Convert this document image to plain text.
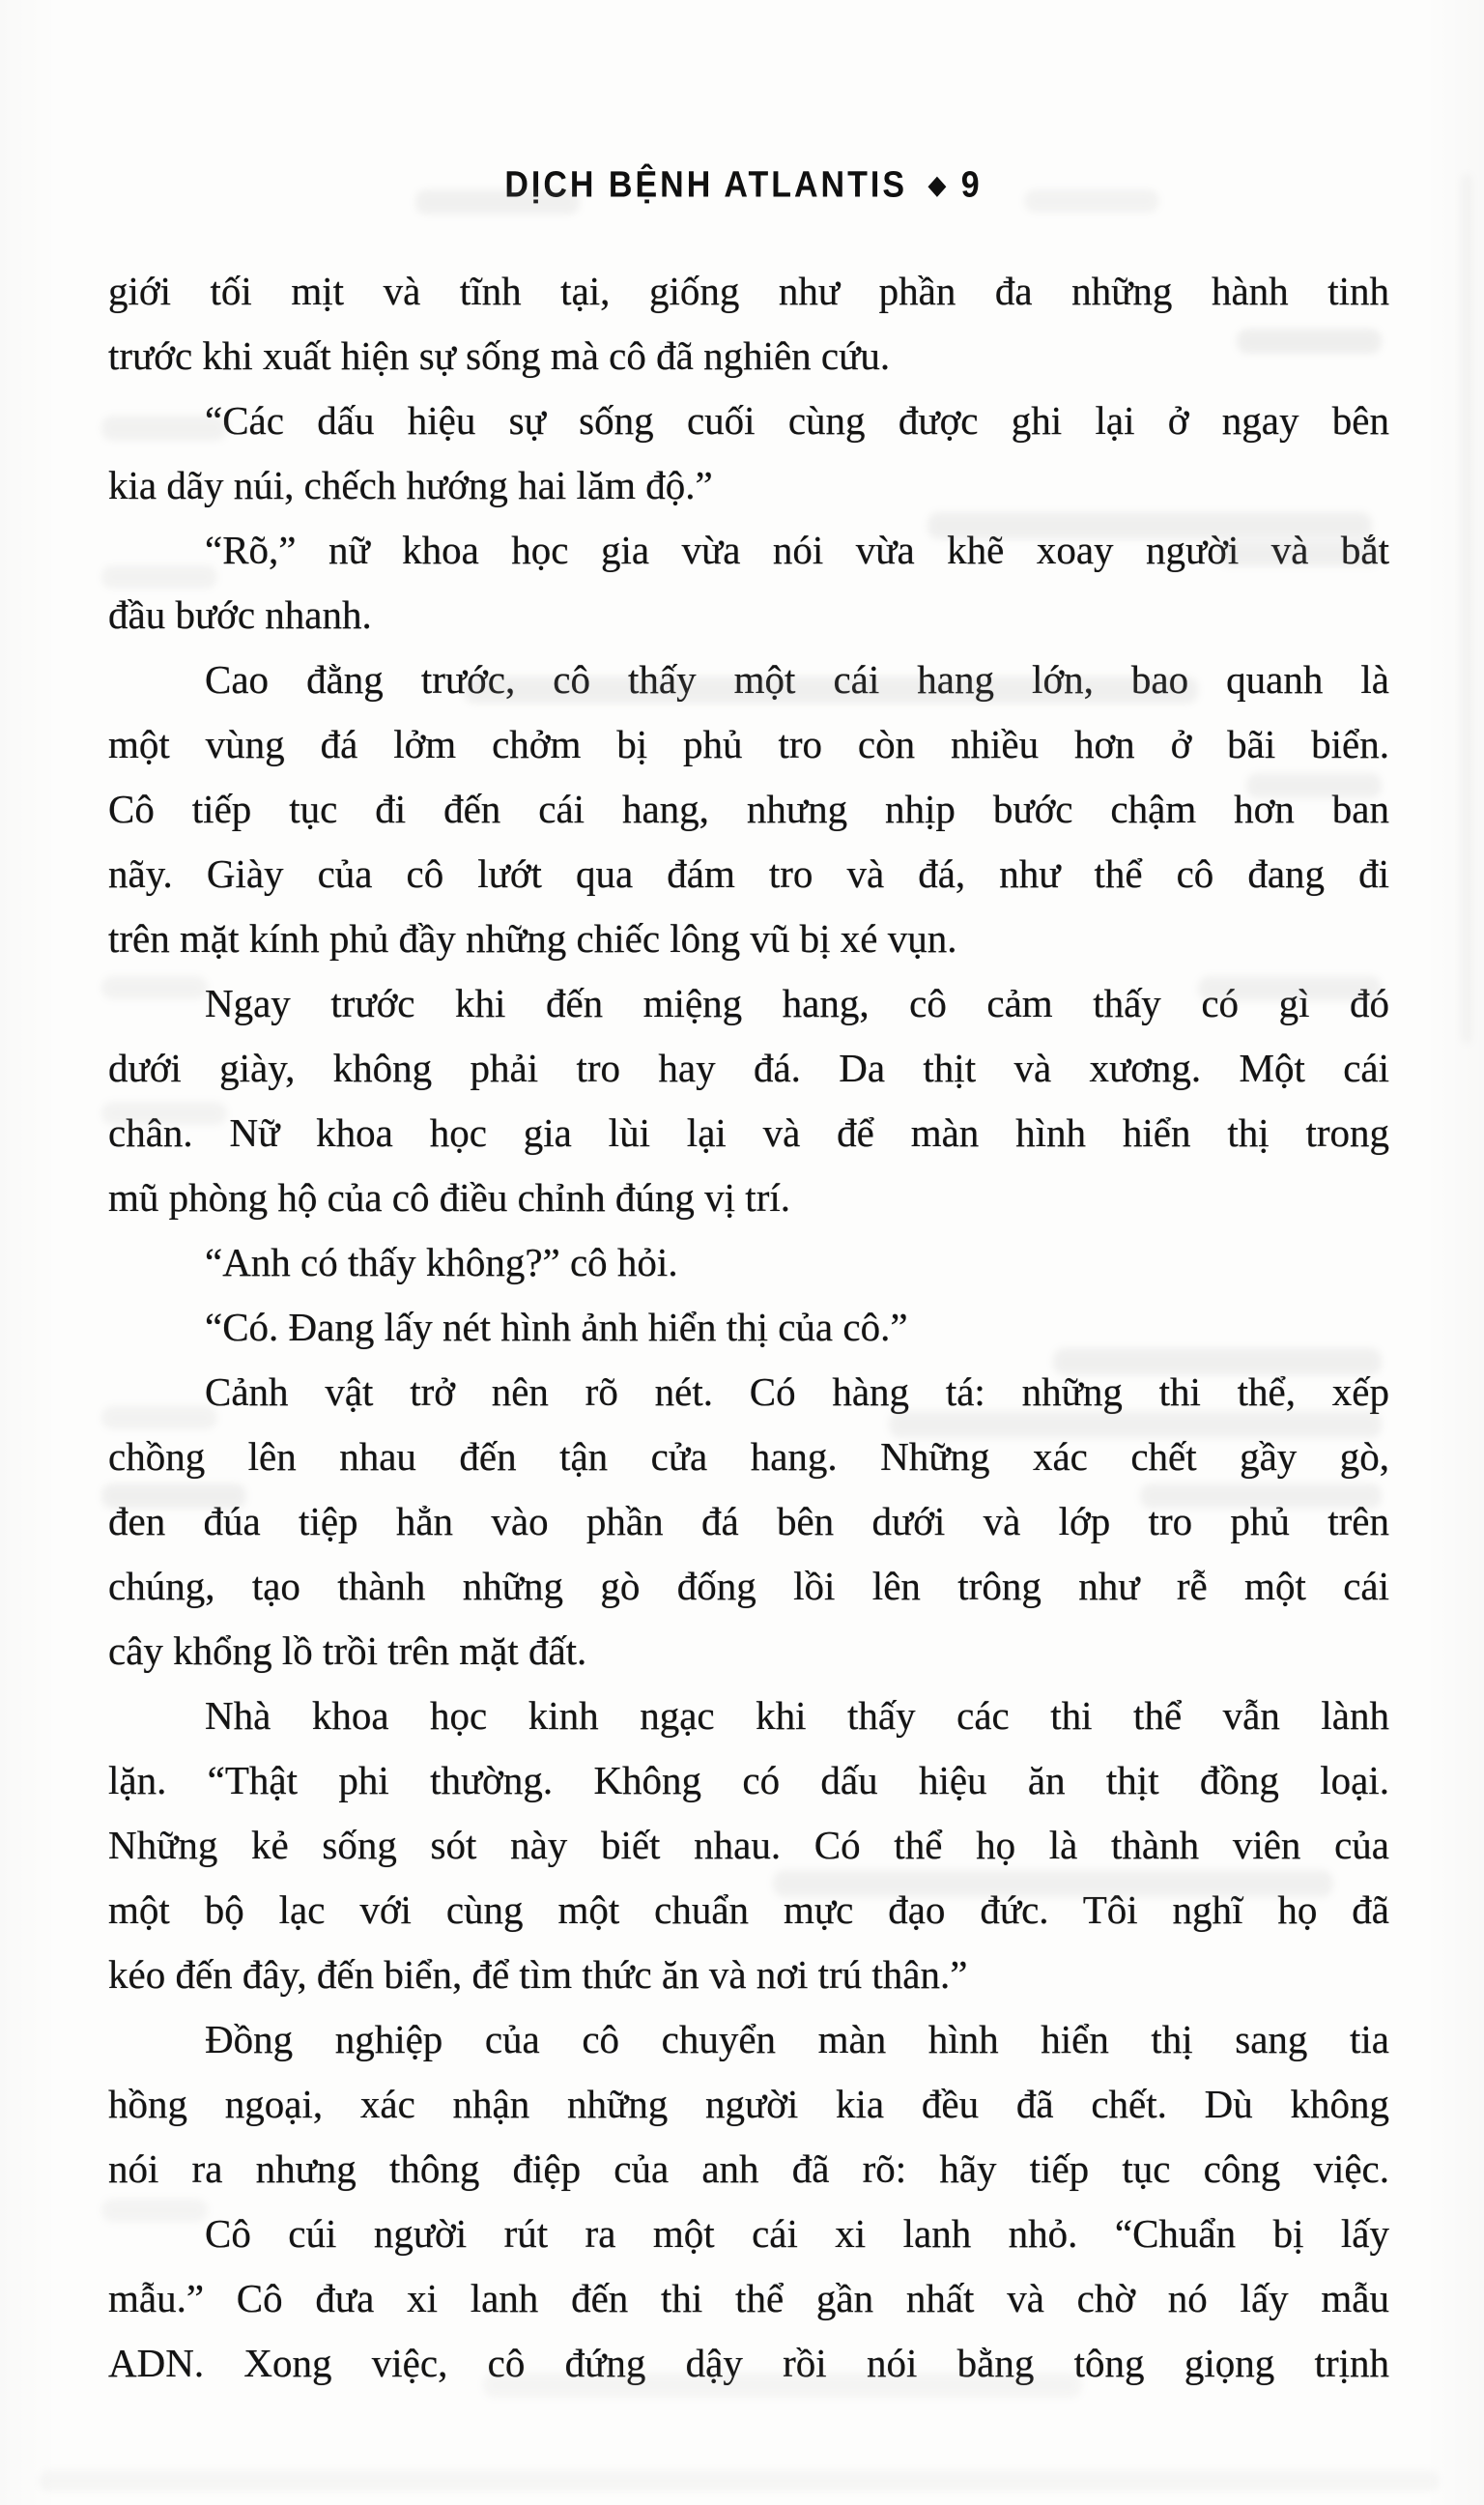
DỊCH BỆNH ATLANTIS ◆ 9
giới tối mịt và tĩnh tại, giống như phần đa những hành tinh
trước khi xuất hiện sự sống mà cô đã nghiên cứu.
“Các dấu hiệu sự sống cuối cùng được ghi lại ở ngay bên
kia dãy núi, chếch hướng hai lăm độ.”
“Rõ,” nữ khoa học gia vừa nói vừa khẽ xoay người và bắt
đầu bước nhanh.
Cao đằng trước, cô thấy một cái hang lớn, bao quanh là
một vùng đá lởm chởm bị phủ tro còn nhiều hơn ở bãi biển.
Cô tiếp tục đi đến cái hang, nhưng nhịp bước chậm hơn ban
nãy. Giày của cô lướt qua đám tro và đá, như thể cô đang đi
trên mặt kính phủ đầy những chiếc lông vũ bị xé vụn.
Ngay trước khi đến miệng hang, cô cảm thấy có gì đó
dưới giày, không phải tro hay đá. Da thịt và xương. Một cái
chân. Nữ khoa học gia lùi lại và để màn hình hiển thị trong
mũ phòng hộ của cô điều chỉnh đúng vị trí.
“Anh có thấy không?” cô hỏi.
“Có. Đang lấy nét hình ảnh hiển thị của cô.”
Cảnh vật trở nên rõ nét. Có hàng tá: những thi thể, xếp
chồng lên nhau đến tận cửa hang. Những xác chết gầy gò,
đen đúa tiệp hẳn vào phần đá bên dưới và lớp tro phủ trên
chúng, tạo thành những gò đống lồi lên trông như rễ một cái
cây khổng lồ trồi trên mặt đất.
Nhà khoa học kinh ngạc khi thấy các thi thể vẫn lành
lặn. “Thật phi thường. Không có dấu hiệu ăn thịt đồng loại.
Những kẻ sống sót này biết nhau. Có thể họ là thành viên của
một bộ lạc với cùng một chuẩn mực đạo đức. Tôi nghĩ họ đã
kéo đến đây, đến biển, để tìm thức ăn và nơi trú thân.”
Đồng nghiệp của cô chuyển màn hình hiển thị sang tia
hồng ngoại, xác nhận những người kia đều đã chết. Dù không
nói ra nhưng thông điệp của anh đã rõ: hãy tiếp tục công việc.
Cô cúi người rút ra một cái xi lanh nhỏ. “Chuẩn bị lấy
mẫu.” Cô đưa xi lanh đến thi thể gần nhất và chờ nó lấy mẫu
ADN. Xong việc, cô đứng dậy rồi nói bằng tông giọng trịnh
